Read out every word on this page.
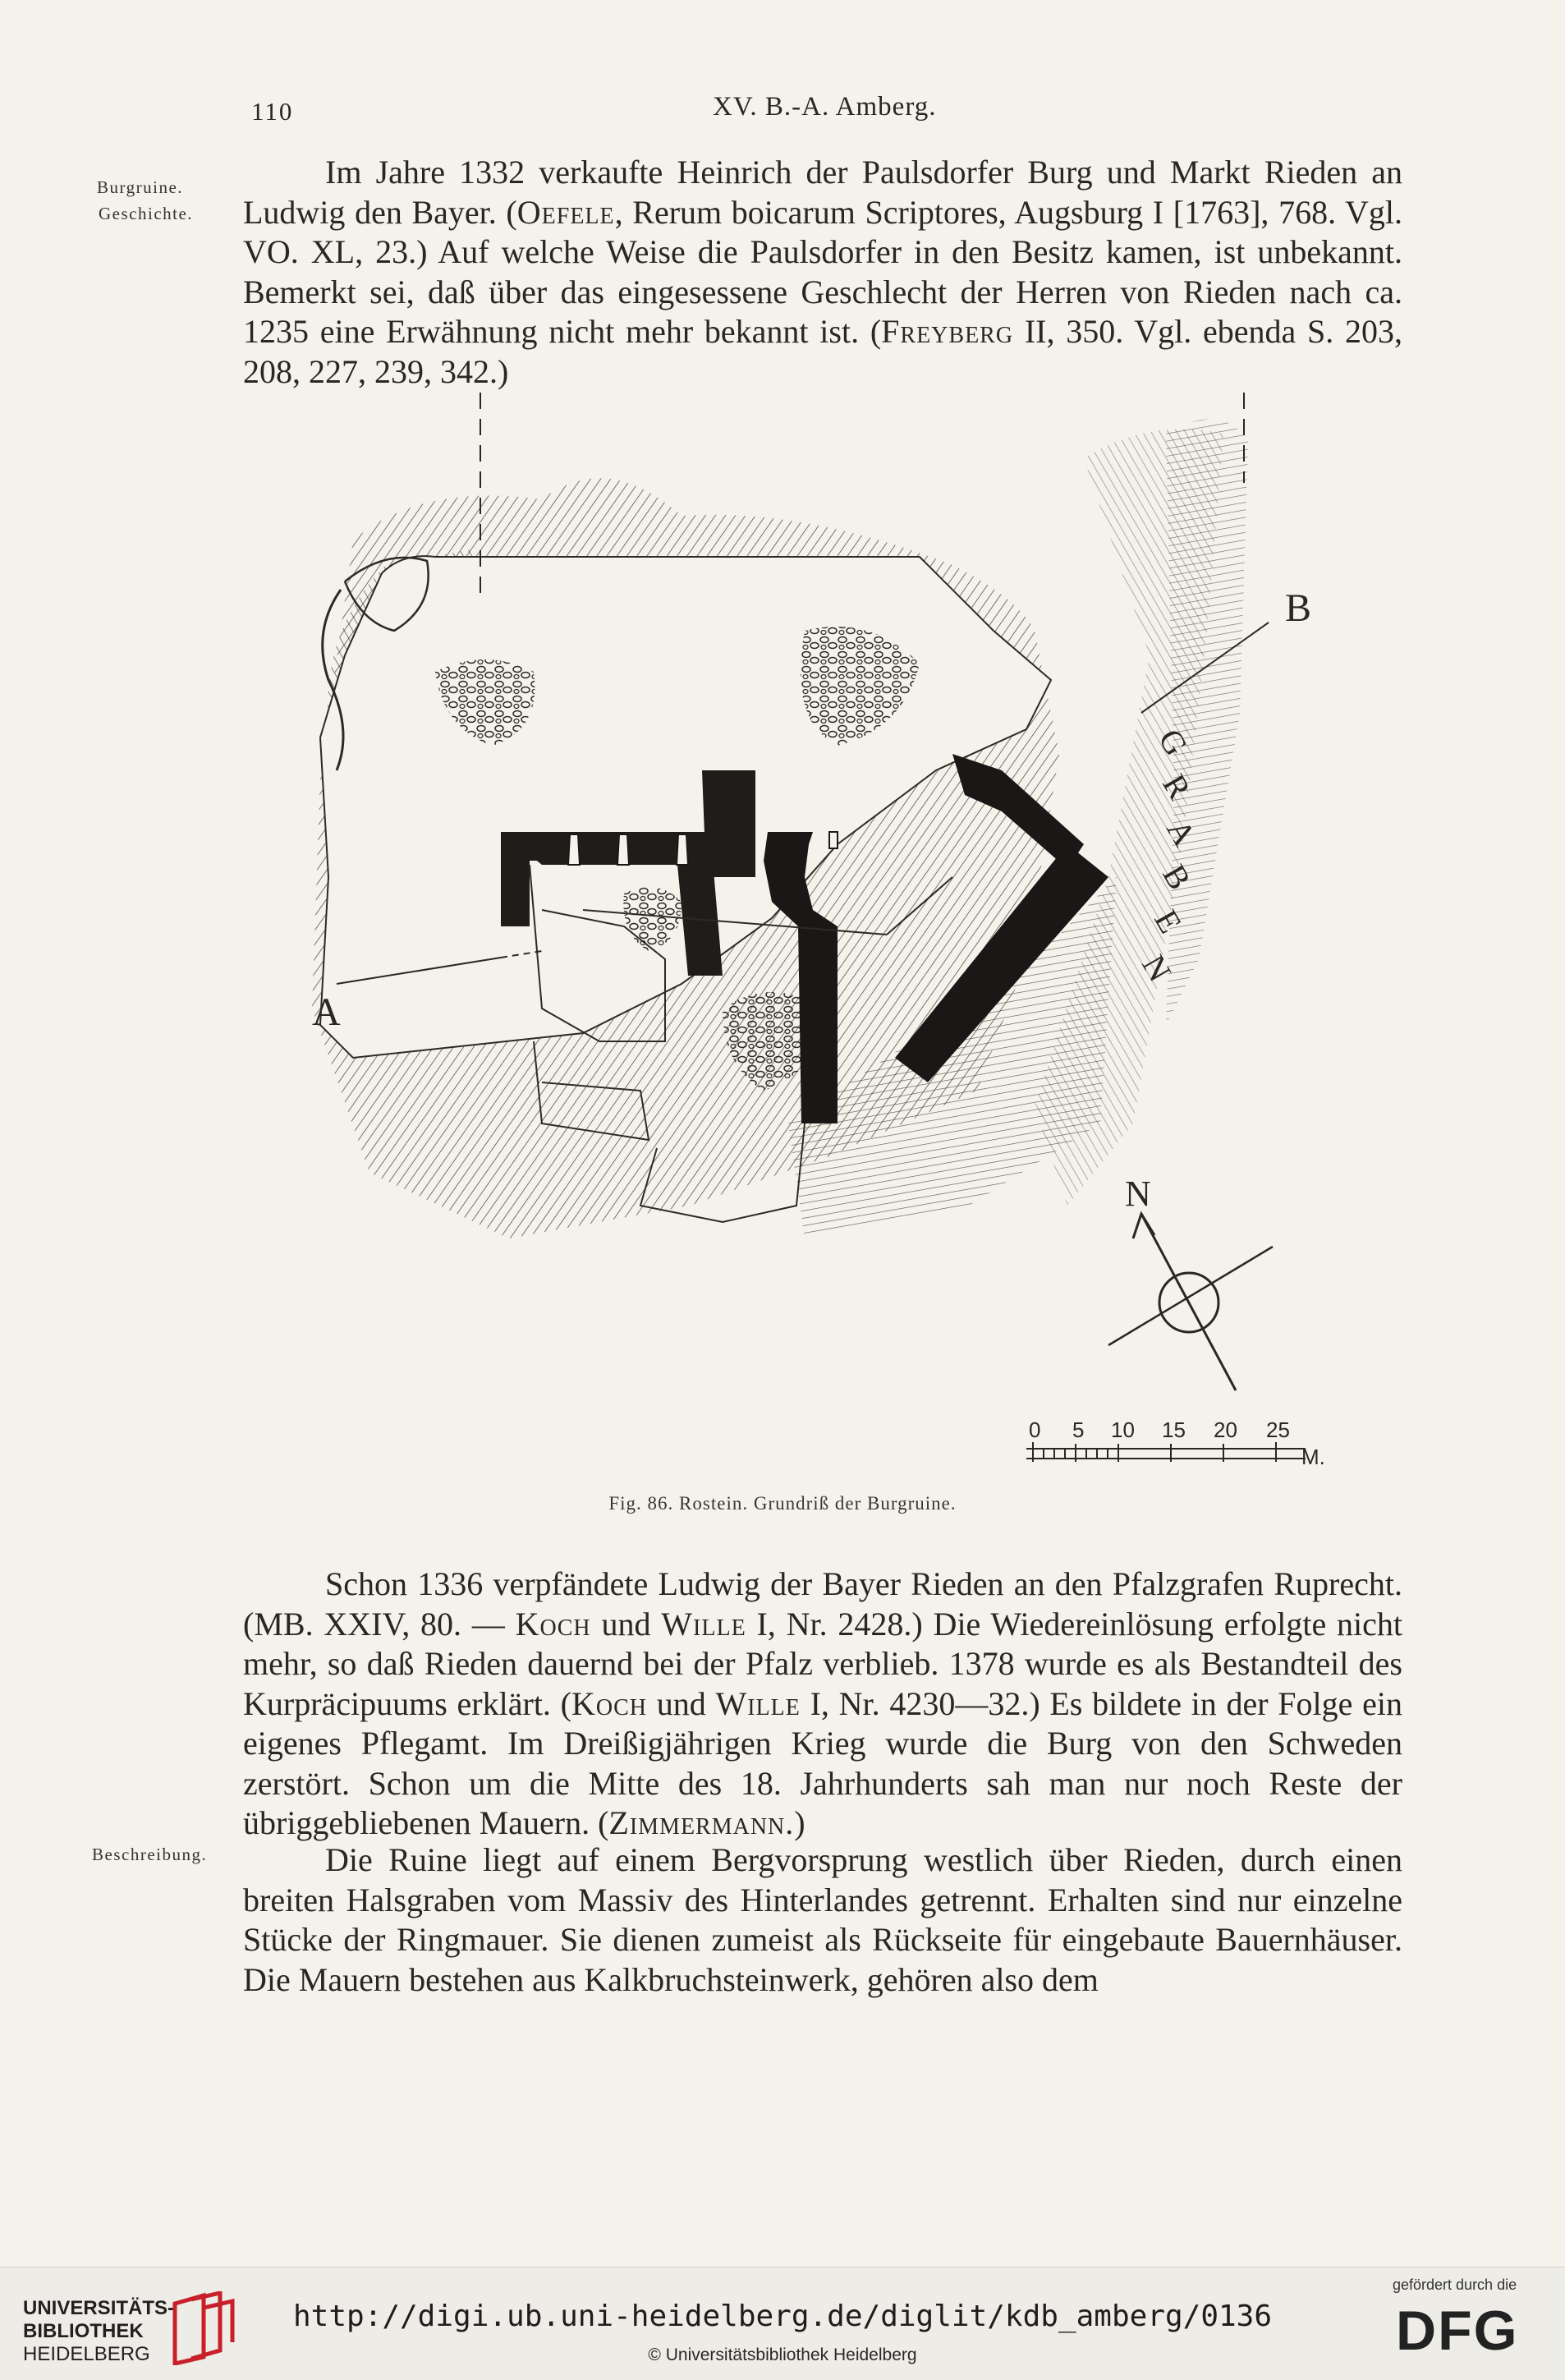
110	XV. B.-A. Amberg.
Burgruine.
Geschichte.

Im Jahre 1332 verkaufte Heinrich der Paulsdorfer Burg und Markt Rieden an Ludwig den Bayer. (Oefele, Rerum boicarum Scriptores, Augsburg I [1763], 768. Vgl. VO. XL, 23.) Auf welche Weise die Paulsdorfer in den Besitz kamen, ist unbekannt. Bemerkt sei, daß über das eingesessene Geschlecht der Herren von Rieden nach ca. 1235 eine Erwähnung nicht mehr bekannt ist. (Freyberg II, 350. Vgl. ebenda S. 203, 208, 227, 239, 342.)

A
B
G
R
A
B
E
N
N
0 5 10 15 20 25
M.
Fig. 86. Rostein. Grundriß der Burgruine.

Schon 1336 verpfändete Ludwig der Bayer Rieden an den Pfalzgrafen Ruprecht. (MB. XXIV, 80. — Koch und Wille I, Nr. 2428.) Die Wiedereinlösung erfolgte nicht mehr, so daß Rieden dauernd bei der Pfalz verblieb. 1378 wurde es als Bestandteil des Kurpräcipuums erklärt. (Koch und Wille I, Nr. 4230—32.) Es bildete in der Folge ein eigenes Pflegamt. Im Dreißigjährigen Krieg wurde die Burg von den Schweden zerstört. Schon um die Mitte des 18. Jahrhunderts sah man nur noch Reste der übriggebliebenen Mauern. (Zimmermann.)

Beschreibung.	Die Ruine liegt auf einem Bergvorsprung westlich über Rieden, durch einen breiten Halsgraben vom Massiv des Hinterlandes getrennt. Erhalten sind nur einzelne Stücke der Ringmauer. Sie dienen zumeist als Rückseite für eingebaute Bauernhäuser. Die Mauern bestehen aus Kalkbruchsteinwerk, gehören also dem

UNIVERSITÄTS-
BIBLIOTHEK
HEIDELBERG
http://digi.ub.uni-heidelberg.de/diglit/kdb_amberg/0136
© Universitätsbibliothek Heidelberg
gefördert durch die
DFG
